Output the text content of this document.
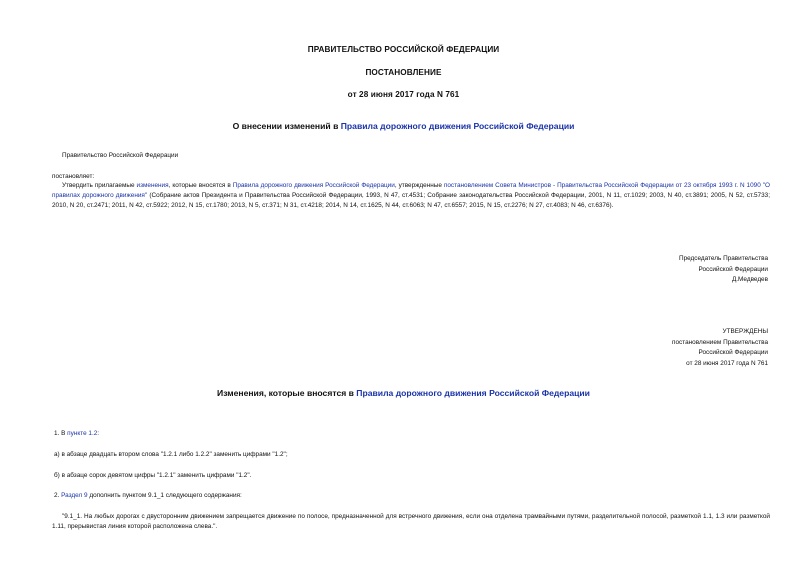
ПРАВИТЕЛЬСТВО РОССИЙСКОЙ ФЕДЕРАЦИИ
ПОСТАНОВЛЕНИЕ
от 28 июня 2017 года N 761
О внесении изменений в Правила дорожного движения Российской Федерации
Правительство Российской Федерации
постановляет:
Утвердить прилагаемые изменения, которые вносятся в Правила дорожного движения Российской Федерации, утвержденные постановлением Совета Министров - Правительства Российской Федерации от 23 октября 1993 г. N 1090 "О правилах дорожного движения" (Собрание актов Президента и Правительства Российской Федерации, 1993, N 47, ст.4531; Собрание законодательства Российской Федерации, 2001, N 11, ст.1029; 2003, N 40, ст.3891; 2005, N 52, ст.5733; 2010, N 20, ст.2471; 2011, N 42, ст.5922; 2012, N 15, ст.1780; 2013, N 5, ст.371; N 31, ст.4218; 2014, N 14, ст.1625, N 44, ст.6063; N 47, ст.6557; 2015, N 15, ст.2276; N 27, ст.4083; N 46, ст.6376).
Председатель Правительства
Российской Федерации
Д.Медведев
УТВЕРЖДЕНЫ
постановлением Правительства
Российской Федерации
от 28 июня 2017 года N 761
Изменения, которые вносятся в Правила дорожного движения Российской Федерации
1. В пункте 1.2:
а) в абзаце двадцать втором слова "1.2.1 либо 1.2.2" заменить цифрами "1.2";
б) в абзаце сорок девятом цифры "1.2.1" заменить цифрами "1.2".
2. Раздел 9 дополнить пунктом 9.1_1 следующего содержания:
"9.1_1. На любых дорогах с двусторонним движением запрещается движение по полосе, предназначенной для встречного движения, если она отделена трамвайными путями, разделительной полосой, разметкой 1.1, 1.3 или разметкой 1.11, прерывистая линия которой расположена слева.".
